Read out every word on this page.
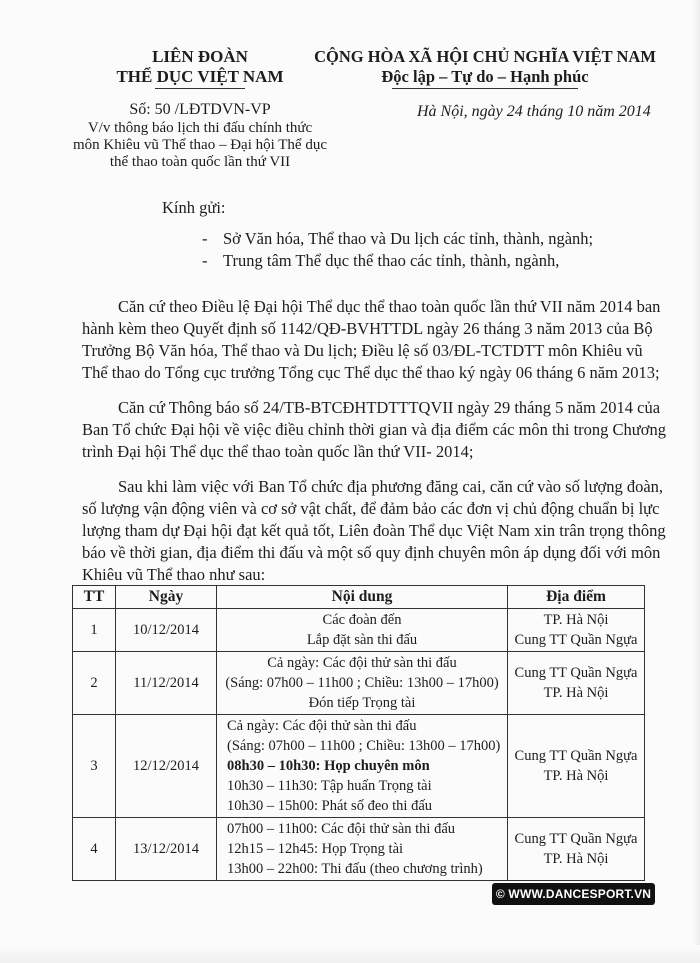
LIÊN ĐOÀN
THỂ DỤC VIỆT NAM
CỘNG HÒA XÃ HỘI CHỦ NGHĨA VIỆT NAM
Độc lập – Tự do – Hạnh phúc
Số: 50 /LĐTDVN-VP
V/v thông báo lịch thi đấu chính thức
môn Khiêu vũ Thể thao – Đại hội Thể dục
thể thao toàn quốc lần thứ VII
Hà Nội, ngày 24 tháng 10 năm 2014
Kính gửi:
- Sở Văn hóa, Thể thao và Du lịch các tỉnh, thành, ngành;
- Trung tâm Thể dục thể thao các tỉnh, thành, ngành,
Căn cứ theo Điều lệ Đại hội Thể dục thể thao toàn quốc lần thứ VII năm 2014 ban
hành kèm theo Quyết định số 1142/QĐ-BVHTTDL ngày 26 tháng 3 năm 2013 của Bộ
Trưởng Bộ Văn hóa, Thể thao và Du lịch; Điều lệ số 03/ĐL-TCTDTT môn Khiêu vũ
Thể thao do Tổng cục trưởng Tổng cục Thể dục thể thao ký ngày 06 tháng 6 năm 2013;
Căn cứ Thông báo số 24/TB-BTCĐHTDTTTQVII ngày 29 tháng 5 năm 2014 của
Ban Tổ chức Đại hội về việc điều chỉnh thời gian và địa điểm các môn thi trong Chương
trình Đại hội Thể dục thể thao toàn quốc lần thứ VII- 2014;
Sau khi làm việc với Ban Tổ chức địa phương đăng cai, căn cứ vào số lượng đoàn,
số lượng vận động viên và cơ sở vật chất, để đảm bảo các đơn vị chủ động chuẩn bị lực
lượng tham dự Đại hội đạt kết quả tốt, Liên đoàn Thể dục Việt Nam xin trân trọng thông
báo về thời gian, địa điểm thi đấu và một số quy định chuyên môn áp dụng đối với môn
Khiêu vũ Thể thao như sau:
TT	Ngày	Nội dung	Địa điểm
1	10/12/2014	Các đoàn đến
Lắp đặt sàn thi đấu	TP. Hà Nội
Cung TT Quần Ngựa

2	11/12/2014	Cả ngày: Các đội thử sàn thi đấu
(Sáng: 07h00 – 11h00 ; Chiều: 13h00 – 17h00)
Đón tiếp Trọng tài	Cung TT Quần Ngựa
TP. Hà Nội

3	12/12/2014	Cả ngày: Các đội thử sàn thi đấu
(Sáng: 07h00 – 11h00 ; Chiều: 13h00 – 17h00)
08h30 – 10h30: Họp chuyên môn
10h30 – 11h30: Tập huấn Trọng tài
10h30 – 15h00: Phát số đeo thi đấu	Cung TT Quần Ngựa
TP. Hà Nội

4	13/12/2014	07h00 – 11h00: Các đội thử sàn thi đấu
12h15 – 12h45: Họp Trọng tài
13h00 – 22h00: Thi đấu (theo chương trình)	Cung TT Quần Ngựa
TP. Hà Nội
© WWW.DANCESPORT.VN
